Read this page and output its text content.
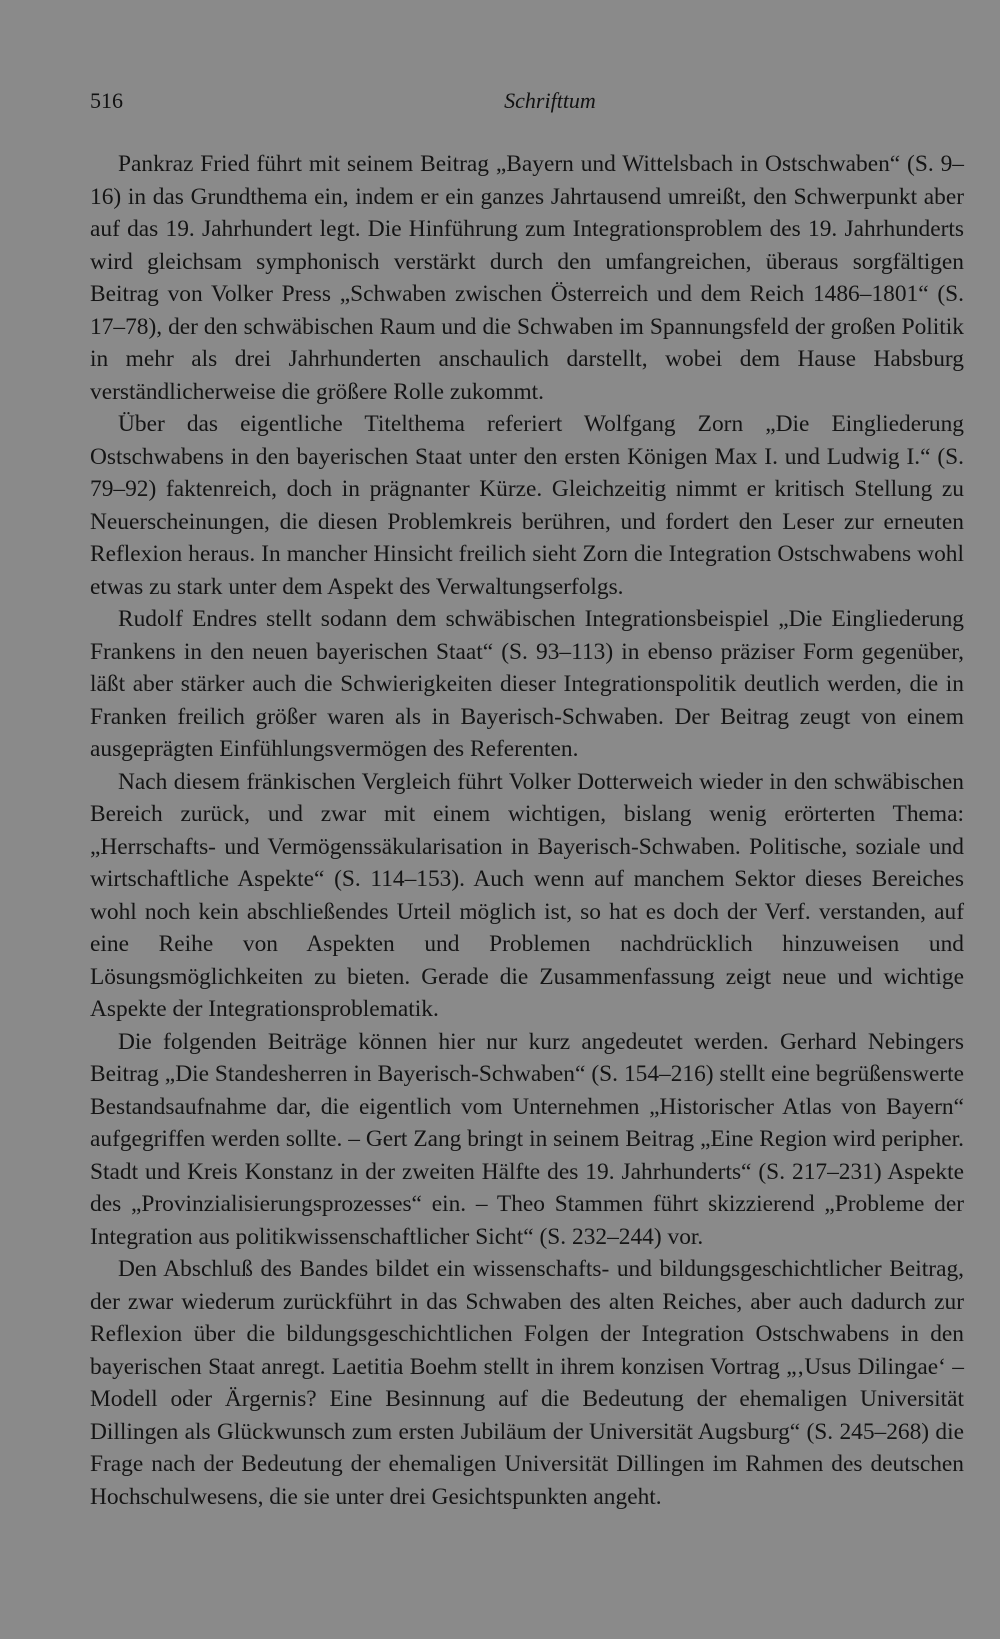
516	Schrifttum

Pankraz Fried führt mit seinem Beitrag „Bayern und Wittelsbach in Ostschwaben“ (S. 9–16) in das Grundthema ein, indem er ein ganzes Jahrtausend umreißt, den Schwerpunkt aber auf das 19. Jahrhundert legt. Die Hinführung zum Integrationsproblem des 19. Jahrhunderts wird gleichsam symphonisch verstärkt durch den umfangreichen, überaus sorgfältigen Beitrag von Volker Press „Schwaben zwischen Österreich und dem Reich 1486–1801“ (S. 17–78), der den schwäbischen Raum und die Schwaben im Spannungsfeld der großen Politik in mehr als drei Jahrhunderten anschaulich darstellt, wobei dem Hause Habsburg verständlicherweise die größere Rolle zukommt.

Über das eigentliche Titelthema referiert Wolfgang Zorn „Die Eingliederung Ostschwabens in den bayerischen Staat unter den ersten Königen Max I. und Ludwig I.“ (S. 79–92) faktenreich, doch in prägnanter Kürze. Gleichzeitig nimmt er kritisch Stellung zu Neuerscheinungen, die diesen Problemkreis berühren, und fordert den Leser zur erneuten Reflexion heraus. In mancher Hinsicht freilich sieht Zorn die Integration Ostschwabens wohl etwas zu stark unter dem Aspekt des Verwaltungserfolgs.

Rudolf Endres stellt sodann dem schwäbischen Integrationsbeispiel „Die Eingliederung Frankens in den neuen bayerischen Staat“ (S. 93–113) in ebenso präziser Form gegenüber, läßt aber stärker auch die Schwierigkeiten dieser Integrationspolitik deutlich werden, die in Franken freilich größer waren als in Bayerisch-Schwaben. Der Beitrag zeugt von einem ausgeprägten Einfühlungsvermögen des Referenten.

Nach diesem fränkischen Vergleich führt Volker Dotterweich wieder in den schwäbischen Bereich zurück, und zwar mit einem wichtigen, bislang wenig erörterten Thema: „Herrschafts- und Vermögenssäkularisation in Bayerisch-Schwaben. Politische, soziale und wirtschaftliche Aspekte“ (S. 114–153). Auch wenn auf manchem Sektor dieses Bereiches wohl noch kein abschließendes Urteil möglich ist, so hat es doch der Verf. verstanden, auf eine Reihe von Aspekten und Problemen nachdrücklich hinzuweisen und Lösungsmöglichkeiten zu bieten. Gerade die Zusammenfassung zeigt neue und wichtige Aspekte der Integrationsproblematik.

Die folgenden Beiträge können hier nur kurz angedeutet werden. Gerhard Nebingers Beitrag „Die Standesherren in Bayerisch-Schwaben“ (S. 154–216) stellt eine begrüßenswerte Bestandsaufnahme dar, die eigentlich vom Unternehmen „Historischer Atlas von Bayern“ aufgegriffen werden sollte. – Gert Zang bringt in seinem Beitrag „Eine Region wird peripher. Stadt und Kreis Konstanz in der zweiten Hälfte des 19. Jahrhunderts“ (S. 217–231) Aspekte des „Provinzialisierungsprozesses“ ein. – Theo Stammen führt skizzierend „Probleme der Integration aus politikwissenschaftlicher Sicht“ (S. 232–244) vor.

Den Abschluß des Bandes bildet ein wissenschafts- und bildungsgeschichtlicher Beitrag, der zwar wiederum zurückführt in das Schwaben des alten Reiches, aber auch dadurch zur Reflexion über die bildungsgeschichtlichen Folgen der Integration Ostschwabens in den bayerischen Staat anregt. Laetitia Boehm stellt in ihrem konzisen Vortrag „‚Usus Dilingae‘ – Modell oder Ärgernis? Eine Besinnung auf die Bedeutung der ehemaligen Universität Dillingen als Glückwunsch zum ersten Jubiläum der Universität Augsburg“ (S. 245–268) die Frage nach der Bedeutung der ehemaligen Universität Dillingen im Rahmen des deutschen Hochschulwesens, die sie unter drei Gesichtspunkten angeht.
